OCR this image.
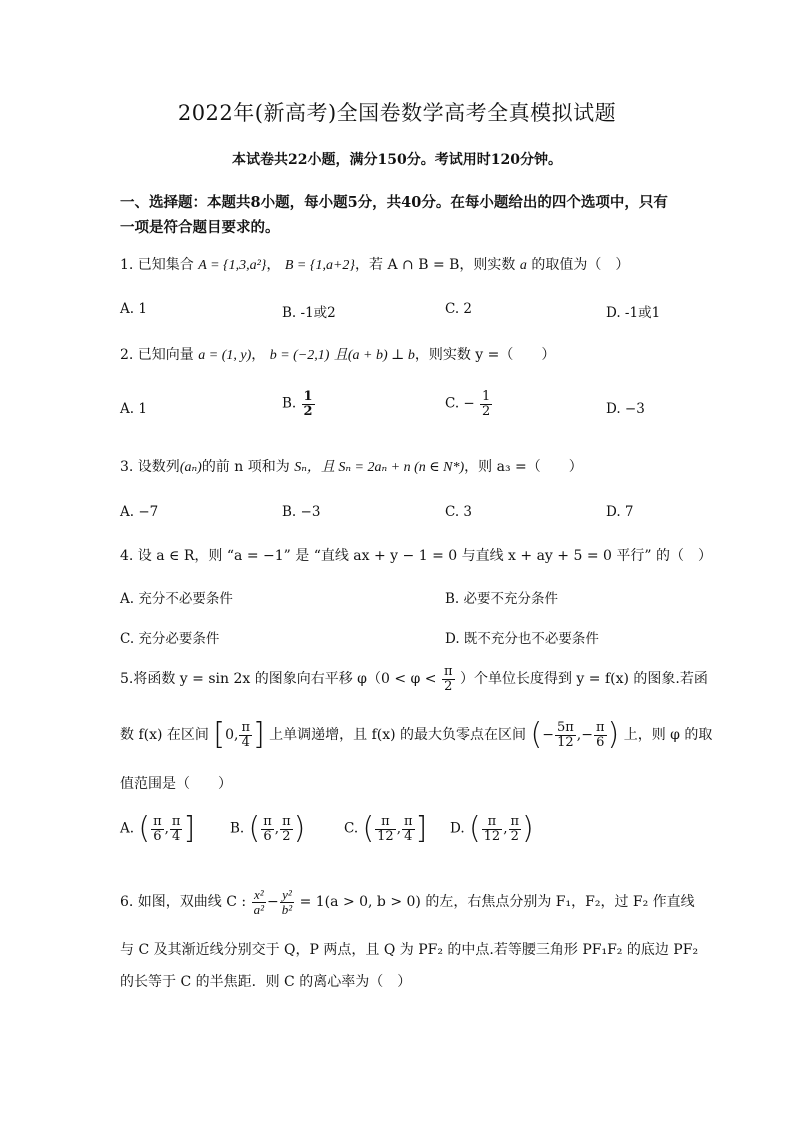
2022年(新高考)全国卷数学高考全真模拟试题
本试卷共22小题，满分150分。考试用时120分钟。
一、选择题：本题共8小题，每小题5分，共40分。在每小题给出的四个选项中，只有一项是符合题目要求的。
1. 已知集合 A = {1,3,a²}， B = {1,a+2}，若 A ∩ B = B，则实数 a 的取值为（　）
A. 1	B. -1或2	C. 2	D. -1或1
2. 已知向量 a = (1, y)， b = (−2,1) 且(a + b) ⊥ b，则实数 y =（　　）
A. 1	B. $\frac{1}{2}$	C. − $\frac{1}{2}$	D. −3
3. 设数列(aₙ)的前 n 项和为 Sₙ，且 Sₙ = 2aₙ + n (n ∈ N*)，则 a₃ =（　　）
A. −7	B. −3	C. 3	D. 7
4. 设 a ∈ R，则 “a = −1” 是 “直线 ax + y − 1 = 0 与直线 x + ay + 5 = 0 平行” 的（　）
A. 充分不必要条件	B. 必要不充分条件
C. 充分必要条件	D. 既不充分也不必要条件
5.将函数 y = sin 2x 的图象向右平移 $\varphi(0 < \varphi < \frac{\pi}{2}$ ）个单位长度得到 y = f(x) 的图象.若函
数 f(x) 在区间 [0, $\frac{\pi}{4}$ ] 上单调递增，且 f(x) 的最大负零点在区间 (− $\frac{5\pi}{12}$ ,− $\frac{\pi}{6}$ ) 上，则 φ 的取
值范围是（　　）
A. ( $\frac{\pi}{6}$ , $\frac{\pi}{4}$ ]	B. ( $\frac{\pi}{6}$ , $\frac{\pi}{2}$ )	C. ( $\frac{\pi}{12}$ , $\frac{\pi}{4}$ ] D. ( $\frac{\pi}{12}$ , $\frac{\pi}{2}$ )
6. 如图，双曲线 C : $\frac{\text{x²}}{\text{a²}} - \frac{\text{y²}}{\text{b²}} = 1(a > 0$, b > 0) 的左，右焦点分别为 F₁，F₂，过 F₂ 作直线
与 C 及其渐近线分别交于 Q，P 两点，且 Q 为 PF₂ 的中点.若等腰三角形 PF₁F₂ 的底边 PF₂
的长等于 C 的半焦距．则 C 的离心率为（　）
